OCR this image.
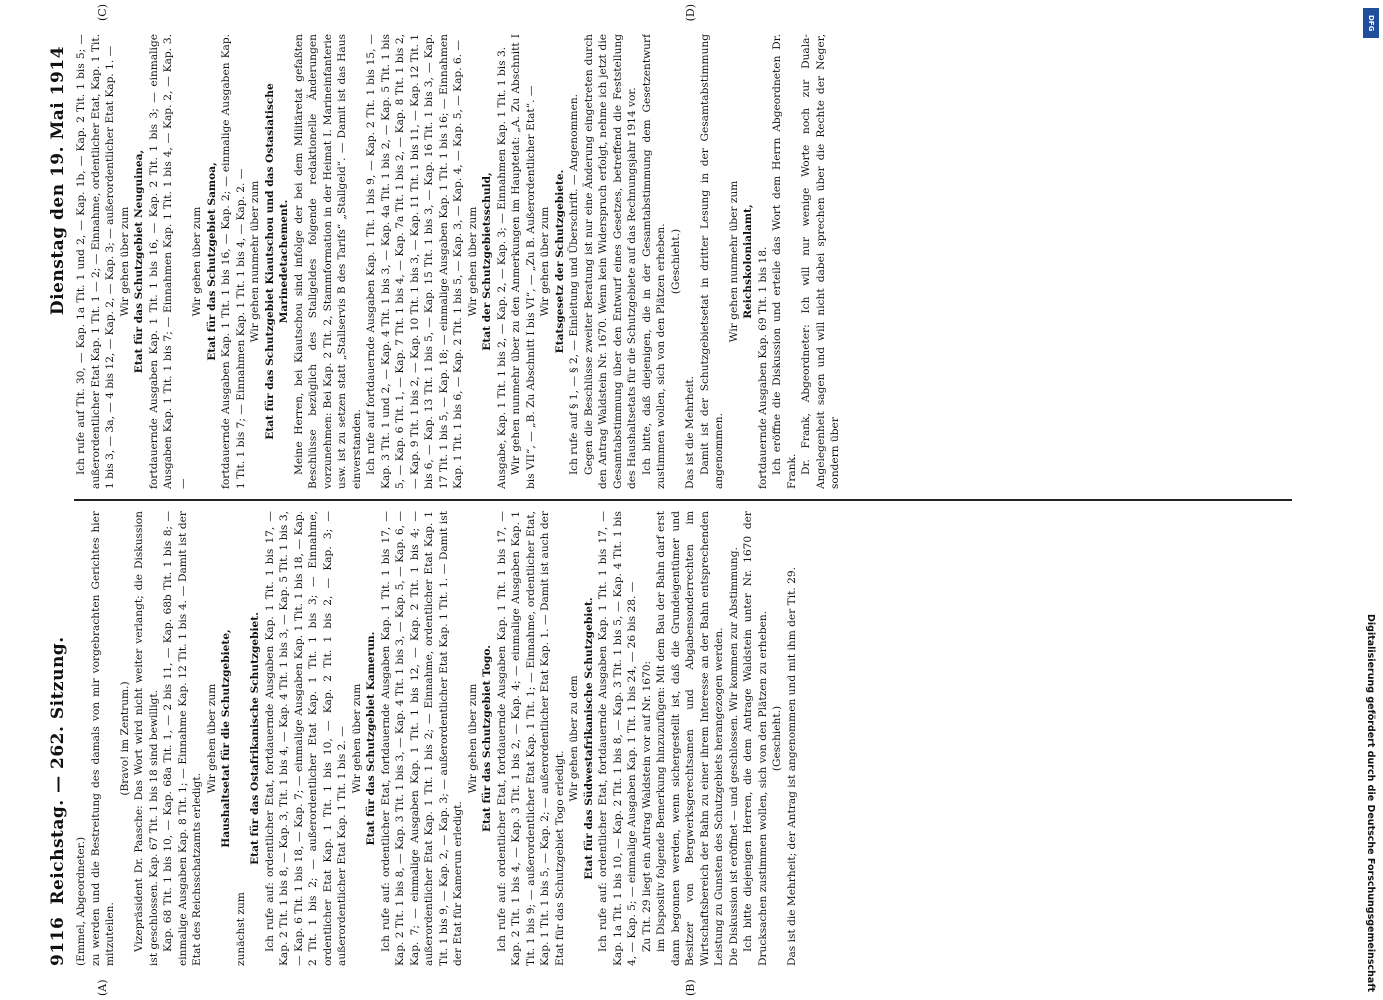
9116
Reichstag. — 262. Sitzung.
Dienstag den 19. Mai 1914

(Emmel, Abgeordneter.) zu werden und die Bestreitung des damals von mir vorgebrachten Gerichtes hier mitzuteilen.

(Bravo! im Zentrum.) Vizepräsident Dr. Paasche: Das Wort wird nicht weiter verlangt; die Diskussion ist geschlossen. Kap. 67 Tit. 1 bis 18 sind bewilligt. Kap. 68 Tit. 1 bis 10, — Kap. 68a Tit. 1, — 2 bis 11, — Kap. 68b Tit. 1 bis 8; — einmalige Ausgaben Kap. 8 Tit. 1; — Einnahme Kap. 12 Tit. 1 bis 4. — Damit ist der Etat des Reichsschatzamts erledigt.

Wir gehen über zum Haushaltsetat für die Schutzgebiete,

zunächst zum

Etat für das Ostafrikanische Schutzgebiet. Ich rufe auf: ordentlicher Etat, fortdauernde Ausgaben Kap. 1 Tit. 1 bis 17, — Kap. 2 Tit. 1 bis 8, — Kap. 3, Tit. 1 bis 4, — Kap. 4 Tit. 1 bis 3, — Kap. 5 Tit. 1 bis 3, — Kap. 6 Tit. 1 bis 18, — Kap. 7; — einmalige Ausgaben Kap. 1 Tit. 1 bis 18, — Kap. 2 Tit. 1 bis 2; — außerordentlicher Etat Kap. 1 Tit. 1 bis 3; — Einnahme, ordentlicher Etat Kap. 1 Tit. 1 bis 10, — Kap. 2 Tit. 1 bis 2, — Kap. 3; — außerordentlicher Etat Kap. 1 Tit. 1 bis 2. — Wir gehen über zum Etat für das Schutzgebiet Kamerun. Ich rufe auf: ordentlicher Etat, fortdauernde Ausgaben Kap. 1 Tit. 1 bis 17, — Kap. 2 Tit. 1 bis 8, — Kap. 3 Tit. 1 bis 3, — Kap. 4 Tit. 1 bis 3, — Kap. 5, — Kap. 6, — Kap. 7; — einmalige Ausgaben Kap. 1 Tit. 1 bis 12, — Kap. 2 Tit. 1 bis 4; — außerordentlicher Etat Kap. 1 Tit. 1 bis 2; — Einnahme, ordentlicher Etat Kap. 1 Tit. 1 bis 9, — Kap. 2, — Kap. 3; — außerordentlicher Etat Kap. 1 Tit. 1. — Damit ist der Etat für Kamerun erledigt.

Wir gehen über zum Etat für das Schutzgebiet Togo. Ich rufe auf: ordentlicher Etat, fortdauernde Ausgaben Kap. 1 Tit. 1 bis 17, — Kap. 2 Tit. 1 bis 4, — Kap. 3 Tit. 1 bis 2, — Kap. 4; — einmalige Ausgaben Kap. 1 Tit. 1 bis 9; — außerordentlicher Etat Kap. 1 Tit. 1; — Einnahme, ordentlicher Etat, Kap. 1 Tit. 1 bis 5, — Kap. 2; — außerordentlicher Etat Kap. 1. — Damit ist auch der Etat für das Schutzgebiet Togo erledigt.

Wir gehen über zu dem Etat für das Südwestafrikanische Schutzgebiet. Ich rufe auf: ordentlicher Etat, fortdauernde Ausgaben Kap. 1 Tit. 1 bis 17, — Kap. 1a Tit. 1 bis 10, — Kap. 2 Tit. 1 bis 8, — Kap. 3 Tit. 1 bis 5, — Kap. 4 Tit. 1 bis 4, — Kap. 5; — einmalige Ausgaben Kap. 1 Tit. 1 bis 24, — 26 bis 28. — Zu Tit. 29 liegt ein Antrag Waldstein vor auf Nr. 1670: im Dispositiv folgende Bemerkung hinzuzufügen: Mit dem Bau der Bahn darf erst dann begonnen werden, wenn sichergestellt ist, daß die Grundeigentümer und Besitzer von Bergwerksgerechtsamen und Abgabensonderrechten im Wirtschaftsbereich der Bahn zu einer ihrem Interesse an der Bahn entsprechenden Leistung zu Gunsten des Schutzgebiets herangezogen werden. Die Diskussion ist eröffnet — und geschlossen. Wir kommen zur Abstimmung. Ich bitte diejenigen Herren, die dem Antrage Waldstein unter Nr. 1670 der Drucksachen zustimmen wollen, sich von den Plätzen zu erheben. (Geschieht.) Das ist die Mehrheit; der Antrag ist angenommen und mit ihm der Tit. 29.

Ich rufe auf Tit. 30, — Kap. 1a Tit. 1 und 2, — Kap. 1b, — Kap. 2 Tit. 1 bis 5; — außerordentlicher Etat Kap. 1 Tit. 1 — 2; — Einnahme, ordentlicher Etat, Kap. 1 Tit. 1 bis 3, — 3a, — 4 bis 12, — Kap. 2, — Kap. 3; — außerordentlicher Etat Kap. 1. — Wir gehen über zum Etat für das Schutzgebiet Neuguinea, fortdauernde Ausgaben Kap. 1 Tit. 1 bis 16, — Kap. 2 Tit. 1 bis 3; — einmalige Ausgaben Kap. 1 Tit. 1 bis 7; — Einnahmen Kap. 1 Tit. 1 bis 4, — Kap. 2, — Kap. 3. —

Wir gehen über zum Etat für das Schutzgebiet Samoa, fortdauernde Ausgaben Kap. 1 Tit. 1 bis 16, — Kap. 2; — einmalige Ausgaben Kap. 1 Tit. 1 bis 7; — Einnahmen Kap. 1 Tit. 1 bis 4, — Kap. 2. — Wir gehen nunmehr über zum Etat für das Schutzgebiet Kiautschou und das Ostasiatische Marinedetachement. Meine Herren, bei Kiautschou sind infolge der bei dem Militäretat gefaßten Beschlüsse bezüglich des Stallgeldes folgende redaktionelle Änderungen vorzunehmen: Bei Kap. 2 Tit. 2, Stammformation in der Heimat I. Marineinfanterie usw. ist zu setzen statt „Stallservis B des Tarifs“ „Stallgeld“. — Damit ist das Haus einverstanden. Ich rufe auf fortdauernde Ausgaben Kap. 1 Tit. 1 bis 9, — Kap. 2 Tit. 1 bis 15, — Kap. 3 Tit. 1 und 2, — Kap. 4 Tit. 1 bis 3, — Kap. 4a Tit. 1 bis 2, — Kap. 5 Tit. 1 bis 5, — Kap. 6 Tit. 1, — Kap. 7 Tit. 1 bis 4, — Kap. 7a Tit. 1 bis 2, — Kap. 8 Tit. 1 bis 2, — Kap. 9 Tit. 1 bis 2, — Kap. 10 Tit. 1 bis 3, — Kap. 11 Tit. 1 bis 11, — Kap. 12 Tit. 1 bis 6, — Kap. 13 Tit. 1 bis 5, — Kap. 15 Tit. 1 bis 3, — Kap. 16 Tit. 1 bis 3, — Kap. 17 Tit. 1 bis 5, — Kap. 18; — einmalige Ausgaben Kap. 1 Tit. 1 bis 16; — Einnahmen Kap. 1 Tit. 1 bis 6, — Kap. 2 Tit. 1 bis 5, — Kap. 3, — Kap. 4, — Kap. 5, — Kap. 6. — Wir gehen über zum Etat der Schutzgebietsschuld, Ausgabe, Kap. 1 Tit. 1 bis 2, — Kap. 2, — Kap. 3; — Einnahmen Kap. 1 Tit. 1 bis 3. Wir gehen nunmehr über zu den Anmerkungen im Hauptetat: „A. Zu Abschnitt I bis VII“, — „B. Zu Abschnitt I bis VI“, — „Zu B. Außerordentlicher Etat“. — Wir gehen über zum Etatsgesetz der Schutzgebiete. Ich rufe auf § 1, — § 2, — Einleitung und Überschrift. — Angenommen. Gegen die Beschlüsse zweiter Beratung ist nur eine Änderung eingetreten durch den Antrag Waldstein Nr. 1670. Wenn kein Widerspruch erfolgt, nehme ich jetzt die Gesamtabstimmung über den Entwurf eines Gesetzes, betreffend die Feststellung des Haushaltsetats für die Schutzgebiete auf das Rechnungsjahr 1914 vor. Ich bitte, daß diejenigen, die in der Gesamtabstimmung dem Gesetzentwurf zustimmen wollen, sich von den Plätzen erheben. (Geschieht.)

Das ist die Mehrheit. Damit ist der Schutzgebietsetat in dritter Lesung in der Gesamtabstimmung angenommen.

Wir gehen nunmehr über zum Reichskolonialamt, fortdauernde Ausgaben Kap. 69 Tit. 1 bis 18. Ich eröffne die Diskussion und erteile das Wort dem Herrn Abgeordneten Dr. Frank. Dr. Frank, Abgeordneter: Ich will nur wenige Worte noch zur Duala-Angelegenheit sagen und will nicht dabei sprechen über die Rechte der Neger, sondern über

(A)	(B)
(C)	(D)
DFG
Digitalisierung gefördert durch die Deutsche Forschungsgemeinschaft
